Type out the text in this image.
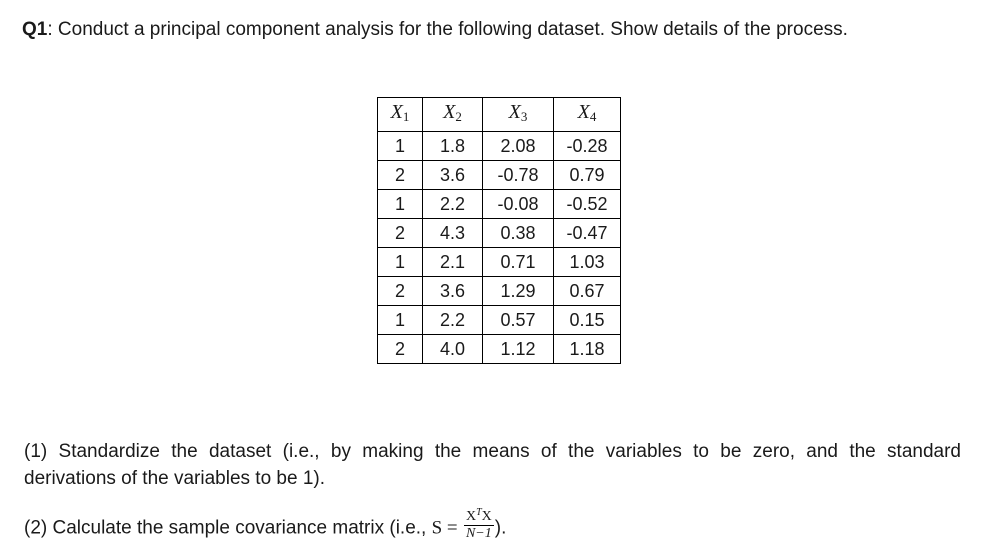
Q1: Conduct a principal component analysis for the following dataset. Show details of the process.
$X_1$	$X_2$	$X_3$	$X_4$
1	1.8	2.08	-0.28
2	3.6	-0.78	0.79
1	2.2	-0.08	-0.52
2	4.3	0.38	-0.47
1	2.1	0.71	1.03
2	3.6	1.29	0.67
1	2.2	0.57	0.15
2	4.0	1.12	1.18
(1) Standardize the dataset (i.e., by making the means of the variables to be zero, and the standard
derivations of the variables to be 1).
(2) Calculate the sample covariance matrix (i.e., $S = \frac{X^TX}{N-1}$ ).
